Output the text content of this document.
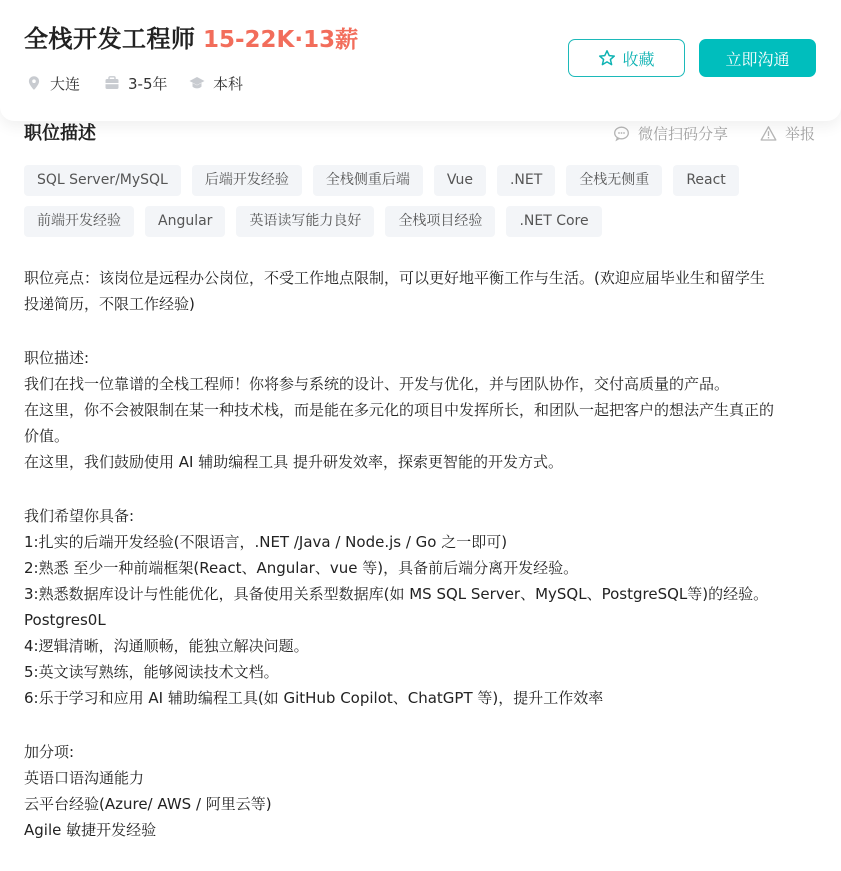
全栈开发工程师 15-22K·13薪
大连	3-5年	本科
收藏	立即沟通
职位描述	微信扫码分享	举报
SQL Server/MySQL	后端开发经验	全栈侧重后端	Vue	.NET	全栈无侧重	React
前端开发经验	Angular	英语读写能力良好	全栈项目经验	.NET Core
职位亮点：该岗位是远程办公岗位，不受工作地点限制，可以更好地平衡工作与生活。(欢迎应届毕业生和留学生
投递简历，不限工作经验)
职位描述:
我们在找一位靠谱的全栈工程师！你将参与系统的设计、开发与优化，并与团队协作，交付高质量的产品。
在这里，你不会被限制在某一种技术栈，而是能在多元化的项目中发挥所长，和团队一起把客户的想法产生真正的
价值。
在这里，我们鼓励使用 AI 辅助编程工具 提升研发效率，探索更智能的开发方式。
我们希望你具备:
1:扎实的后端开发经验(不限语言，.NET /Java / Node.js / Go 之一即可)
2:熟悉 至少一种前端框架(React、Angular、vue 等)，具备前后端分离开发经验。
3:熟悉数据库设计与性能优化，具备使用关系型数据库(如 MS SQL Server、MySQL、PostgreSQL等)的经验。
Postgres0L
4:逻辑清晰，沟通顺畅，能独立解决问题。
5:英文读写熟练，能够阅读技术文档。
6:乐于学习和应用 AI 辅助编程工具(如 GitHub Copilot、ChatGPT 等)，提升工作效率
加分项:
英语口语沟通能力
云平台经验(Azure/ AWS / 阿里云等)
Agile 敏捷开发经验
